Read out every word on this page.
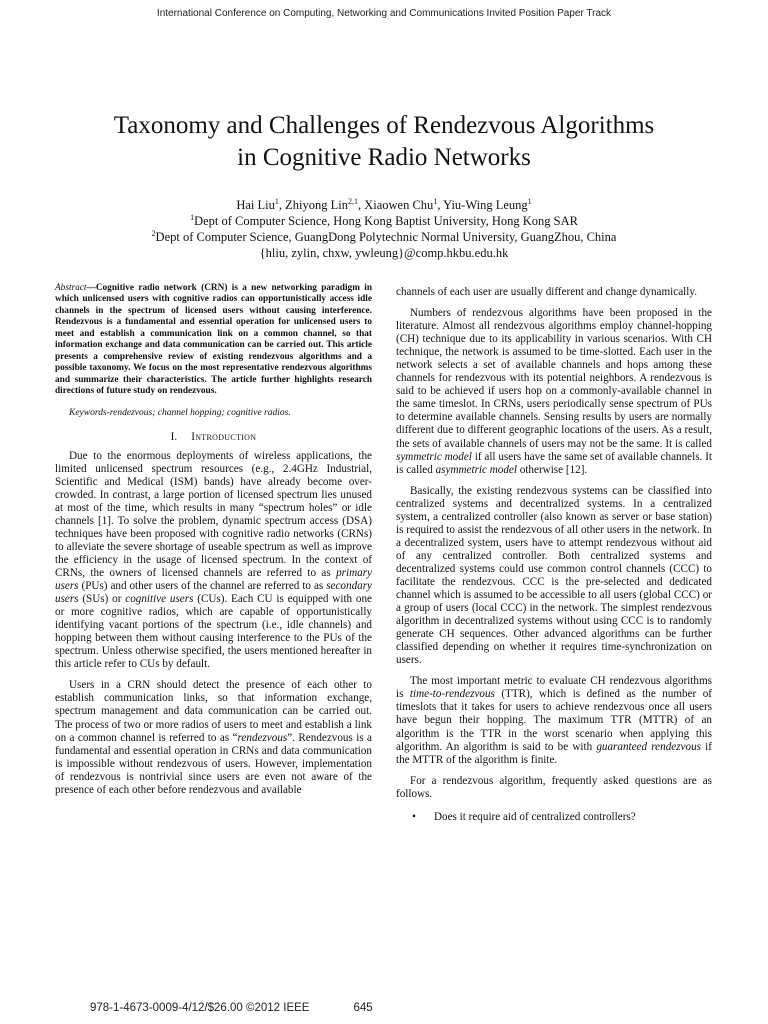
International Conference on Computing, Networking and Communications Invited Position Paper Track
Taxonomy and Challenges of Rendezvous Algorithms
in Cognitive Radio Networks
Hai Liu$^1$, Zhiyong Lin$^{2,1}$, Xiaowen Chu$^1$, Yiu-Wing Leung$^1$
$^1$Dept of Computer Science, Hong Kong Baptist University, Hong Kong SAR
$^2$Dept of Computer Science, GuangDong Polytechnic Normal University, GuangZhou, China
{hliu, zylin, chxw, ywleung}@comp.hkbu.edu.hk

Abstract—Cognitive radio network (CRN) is a new networking paradigm in which unlicensed users with cognitive radios can opportunistically access idle channels in the spectrum of licensed users without causing interference. Rendezvous is a fundamental and essential operation for unlicensed users to meet and establish a communication link on a common channel, so that information exchange and data communication can be carried out. This article presents a comprehensive review of existing rendezvous algorithms and a possible taxonomy. We focus on the most representative rendezvous algorithms and summarize their characteristics. The article further highlights research directions of future study on rendezvous.

Keywords-rendezvous; channel hopping; cognitive radios.

I. Introduction

Due to the enormous deployments of wireless applications, the limited unlicensed spectrum resources (e.g., 2.4GHz Industrial, Scientific and Medical (ISM) bands) have already become over-crowded. In contrast, a large portion of licensed spectrum lies unused at most of the time, which results in many “spectrum holes” or idle channels [1]. To solve the problem, dynamic spectrum access (DSA) techniques have been proposed with cognitive radio networks (CRNs) to alleviate the severe shortage of useable spectrum as well as improve the efficiency in the usage of licensed spectrum. In the context of CRNs, the owners of licensed channels are referred to as primary users (PUs) and other users of the channel are referred to as secondary users (SUs) or cognitive users (CUs). Each CU is equipped with one or more cognitive radios, which are capable of opportunistically identifying vacant portions of the spectrum (i.e., idle channels) and hopping between them without causing interference to the PUs of the spectrum. Unless otherwise specified, the users mentioned hereafter in this article refer to CUs by default.

Users in a CRN should detect the presence of each other to establish communication links, so that information exchange, spectrum management and data communication can be carried out. The process of two or more radios of users to meet and establish a link on a common channel is referred to as “rendezvous”. Rendezvous is a fundamental and essential operation in CRNs and data communication is impossible without rendezvous of users. However, implementation of rendezvous is nontrivial since users are even not aware of the presence of each other before rendezvous and available

channels of each user are usually different and change dynamically.

Numbers of rendezvous algorithms have been proposed in the literature. Almost all rendezvous algorithms employ channel-hopping (CH) technique due to its applicability in various scenarios. With CH technique, the network is assumed to be time-slotted. Each user in the network selects a set of available channels and hops among these channels for rendezvous with its potential neighbors. A rendezvous is said to be achieved if users hop on a commonly-available channel in the same timeslot. In CRNs, users periodically sense spectrum of PUs to determine available channels. Sensing results by users are normally different due to different geographic locations of the users. As a result, the sets of available channels of users may not be the same. It is called symmetric model if all users have the same set of available channels. It is called asymmetric model otherwise [12].

Basically, the existing rendezvous systems can be classified into centralized systems and decentralized systems. In a centralized system, a centralized controller (also known as server or base station) is required to assist the rendezvous of all other users in the network. In a decentralized system, users have to attempt rendezvous without aid of any centralized controller. Both centralized systems and decentralized systems could use common control channels (CCC) to facilitate the rendezvous. CCC is the pre-selected and dedicated channel which is assumed to be accessible to all users (global CCC) or a group of users (local CCC) in the network. The simplest rendezvous algorithm in decentralized systems without using CCC is to randomly generate CH sequences. Other advanced algorithms can be further classified depending on whether it requires time-synchronization on users.

The most important metric to evaluate CH rendezvous algorithms is time-to-rendezvous (TTR), which is defined as the number of timeslots that it takes for users to achieve rendezvous once all users have begun their hopping. The maximum TTR (MTTR) of an algorithm is the TTR in the worst scenario when applying this algorithm. An algorithm is said to be with guaranteed rendezvous if the MTTR of the algorithm is finite.

For a rendezvous algorithm, frequently asked questions are as follows.

•	Does it require aid of centralized controllers?
978-1-4673-0009-4/12/$26.00 ©2012 IEEE	645
